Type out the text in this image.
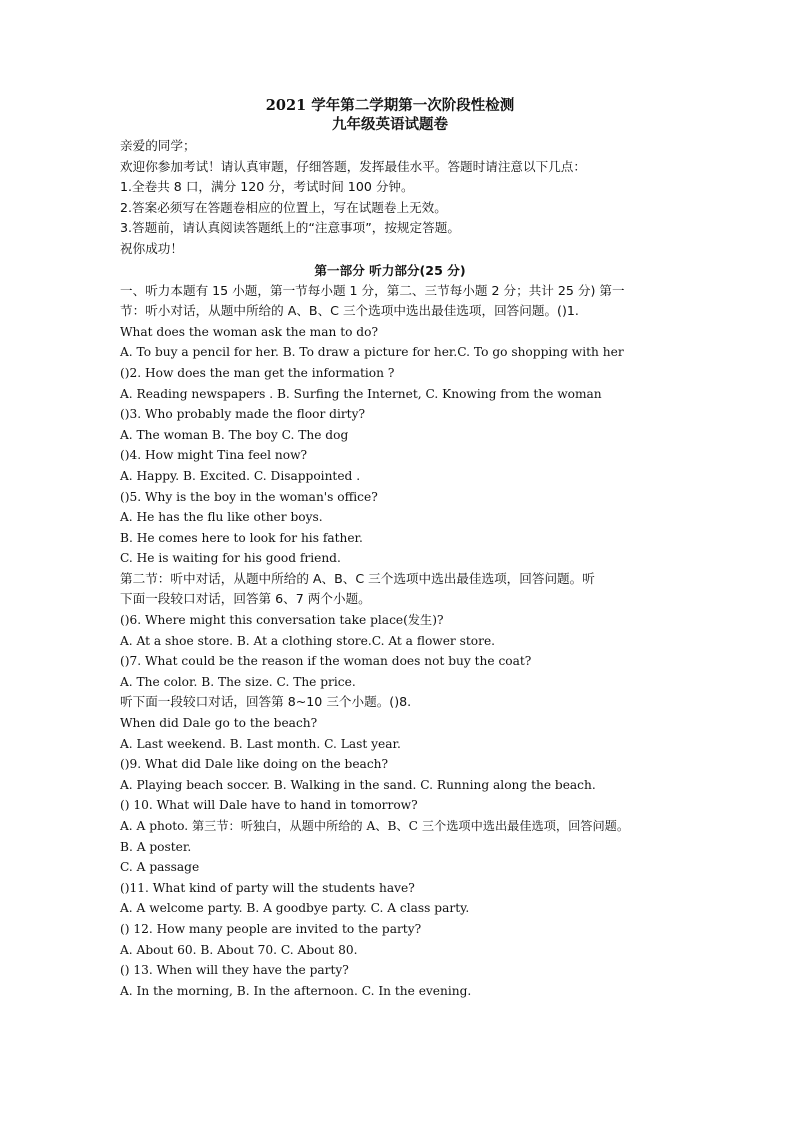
2021 学年第二学期第一次阶段性检测

九年级英语试题卷

亲爱的同学；

欢迎你参加考试！请认真审题，仔细答题，发挥最佳水平。答题时请注意以下几点：

1.全卷共 8 口，满分 120 分，考试时间 100 分钟。

2.答案必须写在答题卷相应的位置上，写在试题卷上无效。

3.答题前，请认真阅读答题纸上的“注意事项”，按规定答题。

祝你成功！

第一部分 听力部分(25 分)

一、听力本题有 15 小题，第一节每小题 1 分，第二、三节每小题 2 分；共计 25 分) 第一

节：听小对话，从题中所给的 A、B、C 三个选项中选出最佳选项，回答问题。()1.

What does the woman ask the man to do?

A. To buy a pencil for her. B. To draw a picture for her.C. To go shopping with her

()2. How does the man get the information ?

A. Reading newspapers . B. Surfing the Internet, C. Knowing from the woman

()3. Who probably made the floor dirty?

A. The woman B. The boy C. The dog

()4. How might Tina feel now?

A. Happy. B. Excited. C. Disappointed .

()5. Why is the boy in the woman's office?

A. He has the flu like other boys.

B. He comes here to look for his father.

C. He is waiting for his good friend.

第二节：听中对话，从题中所给的 A、B、C 三个选项中选出最佳选项，回答问题。听

下面一段较口对话，回答第 6、7 两个小题。

()6. Where might this conversation take place(发生)?

A. At a shoe store. B. At a clothing store.C. At a flower store.

()7. What could be the reason if the woman does not buy the coat?

A. The color. B. The size. C. The price.

听下面一段较口对话，回答第 8~10 三个小题。()8.

When did Dale go to the beach?

A. Last weekend. B. Last month. C. Last year.

()9. What did Dale like doing on the beach?

A. Playing beach soccer. B. Walking in the sand. C. Running along the beach.

() 10. What will Dale have to hand in tomorrow?

A. A photo. 第三节：听独白，从题中所给的 A、B、C 三个选项中选出最佳选项，回答问题。

B. A poster.

C. A passage

()11. What kind of party will the students have?

A. A welcome party. B. A goodbye party. C. A class party.

() 12. How many people are invited to the party?

A. About 60. B. About 70. C. About 80.

() 13. When will they have the party?

A. In the morning, B. In the afternoon. C. In the evening.
